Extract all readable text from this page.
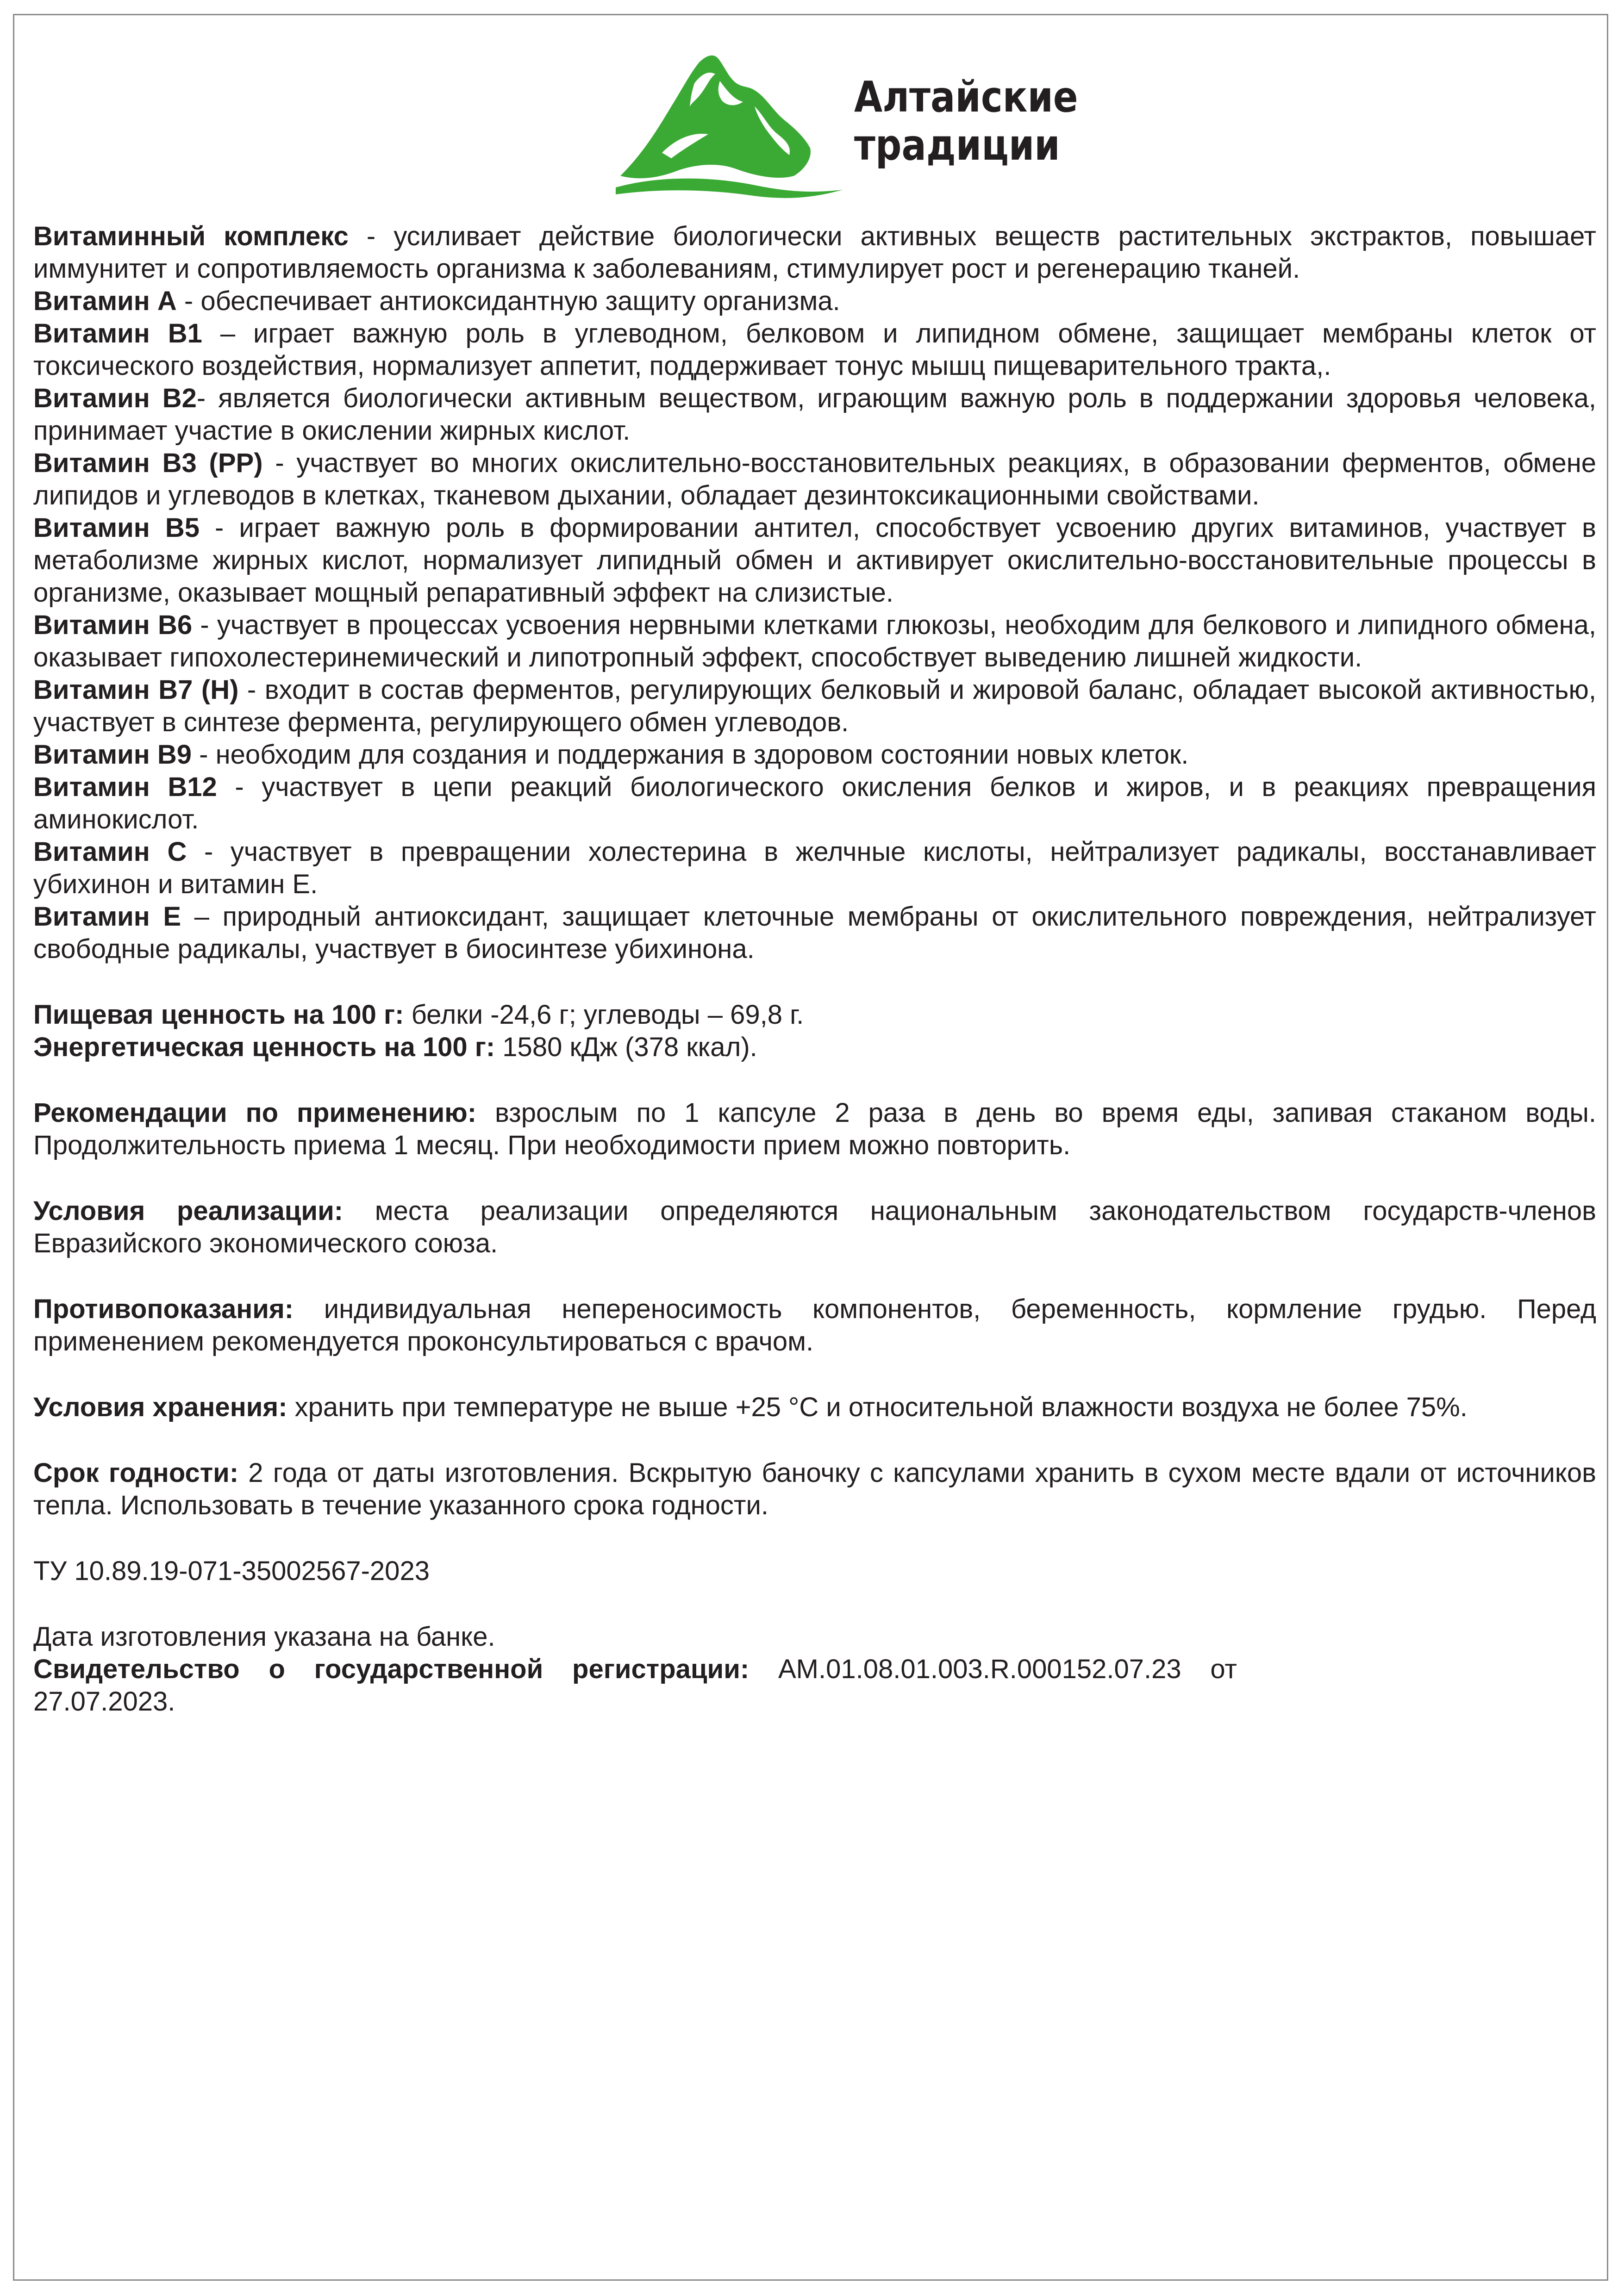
Алтайские
традиции

Витаминный комплекс - усиливает действие биологически активных веществ растительных экстрактов, повышает иммунитет и сопротивляемость организма к заболеваниям, стимулирует рост и регенерацию тканей.

Витамин А - обеспечивает антиоксидантную защиту организма.

Витамин В1 – играет важную роль в углеводном, белковом и липидном обмене, защищает мембраны клеток от токсического воздействия, нормализует аппетит, поддерживает тонус мышц пищеварительного тракта,.

Витамин В2- является биологически активным веществом, играющим важную роль в поддержании здоровья человека, принимает участие в окислении жирных кислот.

Витамин В3 (РР) - участвует во многих окислительно-восстановительных реакциях, в образовании ферментов, обмене липидов и углеводов в клетках, тканевом дыхании, обладает дезинтоксикационными свойствами.

Витамин В5 - играет важную роль в формировании антител, способствует усвоению других витаминов, участвует в метаболизме жирных кислот, нормализует липидный обмен и активирует окислительно-восстановительные процессы в организме, оказывает мощный репаративный эффект на слизистые.

Витамин В6 - участвует в процессах усвоения нервными клетками глюкозы, необходим для белкового и липидного обмена, оказывает гипохолестеринемический и липотропный эффект, способствует выведению лишней жидкости.

Витамин В7 (Н) - входит в состав ферментов, регулирующих белковый и жировой баланс, обладает высокой активностью, участвует в синтезе фермента, регулирующего обмен углеводов.

Витамин В9 - необходим для создания и поддержания в здоровом состоянии новых клеток.

Витамин В12 - участвует в цепи реакций биологического окисления белков и жиров, и в реакциях превращения аминокислот.

Витамин С - участвует в превращении холестерина в желчные кислоты, нейтрализует радикалы, восстанавливает убихинон и витамин Е.

Витамин Е – природный антиоксидант, защищает клеточные мембраны от окислительного повреждения, нейтрализует свободные радикалы, участвует в биосинтезе убихинона.

Пищевая ценность на 100 г: белки -24,6 г; углеводы – 69,8 г.

Энергетическая ценность на 100 г: 1580 кДж (378 ккал).

Рекомендации по применению: взрослым по 1 капсуле 2 раза в день во время еды, запивая стаканом воды. Продолжительность приема 1 месяц. При необходимости прием можно повторить.

Условия реализации: места реализации определяются национальным законодательством государств-членов Евразийского экономического союза.

Противопоказания: индивидуальная непереносимость компонентов, беременность, кормление грудью. Перед применением рекомендуется проконсультироваться с врачом.

Условия хранения: хранить при температуре не выше +25 °С и относительной влажности воздуха не более 75%.

Срок годности: 2 года от даты изготовления. Вскрытую баночку с капсулами хранить в сухом месте вдали от источников тепла. Использовать в течение указанного срока годности.

ТУ 10.89.19-071-35002567-2023

Дата изготовления указана на банке.

Свидетельство о государственной регистрации: АМ.01.08.01.003.R.000152.07.23 от 27.07.2023.
